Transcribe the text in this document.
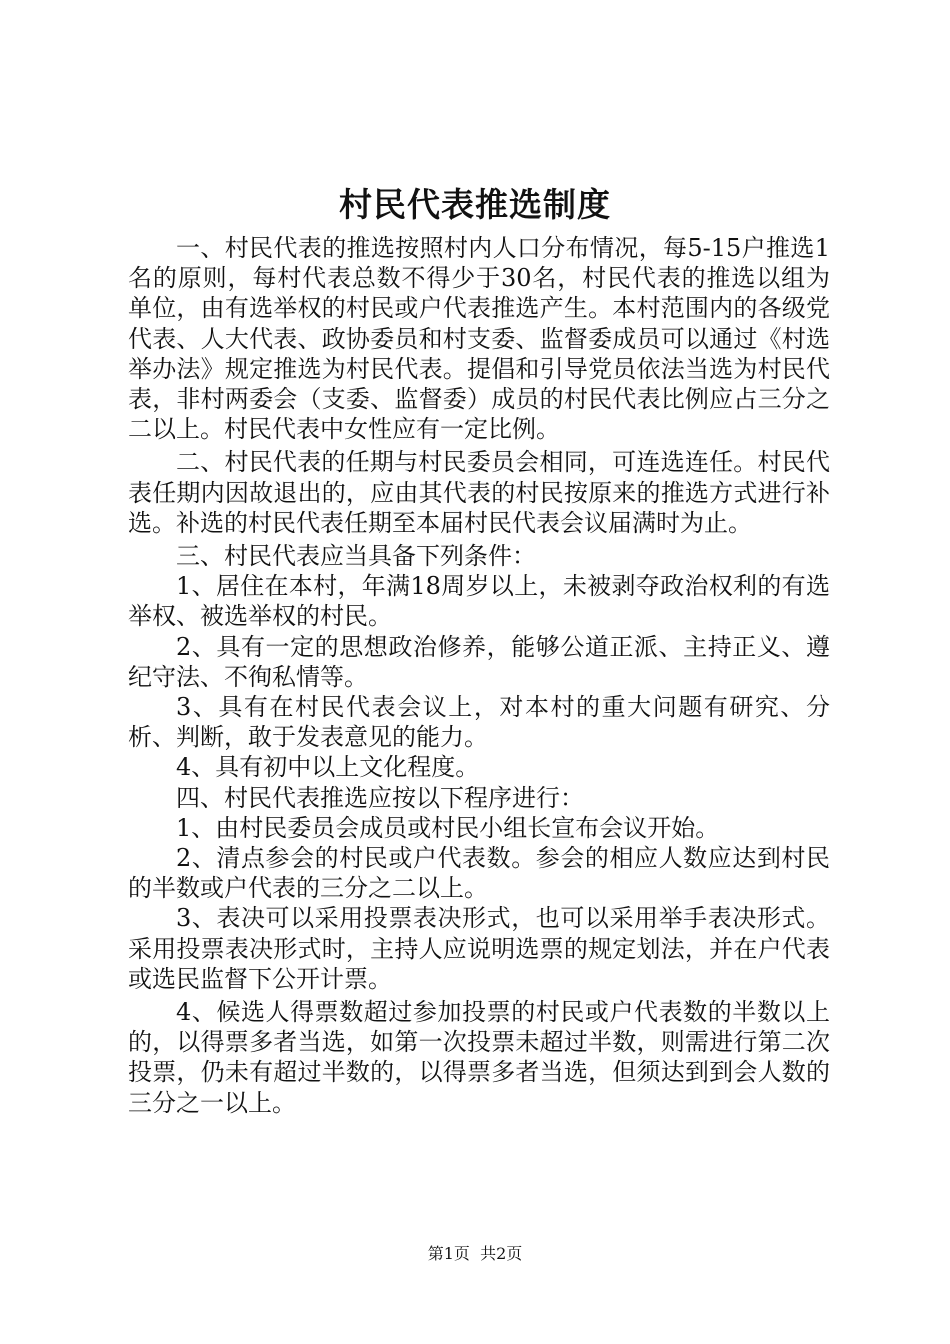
村民代表推选制度

一、村民代表的推选按照村内人口分布情况，每5-15户推选1名的原则，每村代表总数不得少于30名，村民代表的推选以组为单位，由有选举权的村民或户代表推选产生。本村范围内的各级党代表、人大代表、政协委员和村支委、监督委成员可以通过《村选举办法》规定推选为村民代表。提倡和引导党员依法当选为村民代表，非村两委会（支委、监督委）成员的村民代表比例应占三分之二以上。村民代表中女性应有一定比例。

二、村民代表的任期与村民委员会相同，可连选连任。村民代表任期内因故退出的，应由其代表的村民按原来的推选方式进行补选。补选的村民代表任期至本届村民代表会议届满时为止。

三、村民代表应当具备下列条件：

1、居住在本村，年满18周岁以上，未被剥夺政治权利的有选举权、被选举权的村民。

2、具有一定的思想政治修养，能够公道正派、主持正义、遵纪守法、不徇私情等。

3、具有在村民代表会议上，对本村的重大问题有研究、分析、判断，敢于发表意见的能力。

4、具有初中以上文化程度。

四、村民代表推选应按以下程序进行：

1、由村民委员会成员或村民小组长宣布会议开始。

2、清点参会的村民或户代表数。参会的相应人数应达到村民的半数或户代表的三分之二以上。

3、表决可以采用投票表决形式，也可以采用举手表决形式。采用投票表决形式时，主持人应说明选票的规定划法，并在户代表或选民监督下公开计票。

4、候选人得票数超过参加投票的村民或户代表数的半数以上的，以得票多者当选，如第一次投票未超过半数，则需进行第二次投票，仍未有超过半数的，以得票多者当选，但须达到到会人数的三分之一以上。

第1页  共2页
